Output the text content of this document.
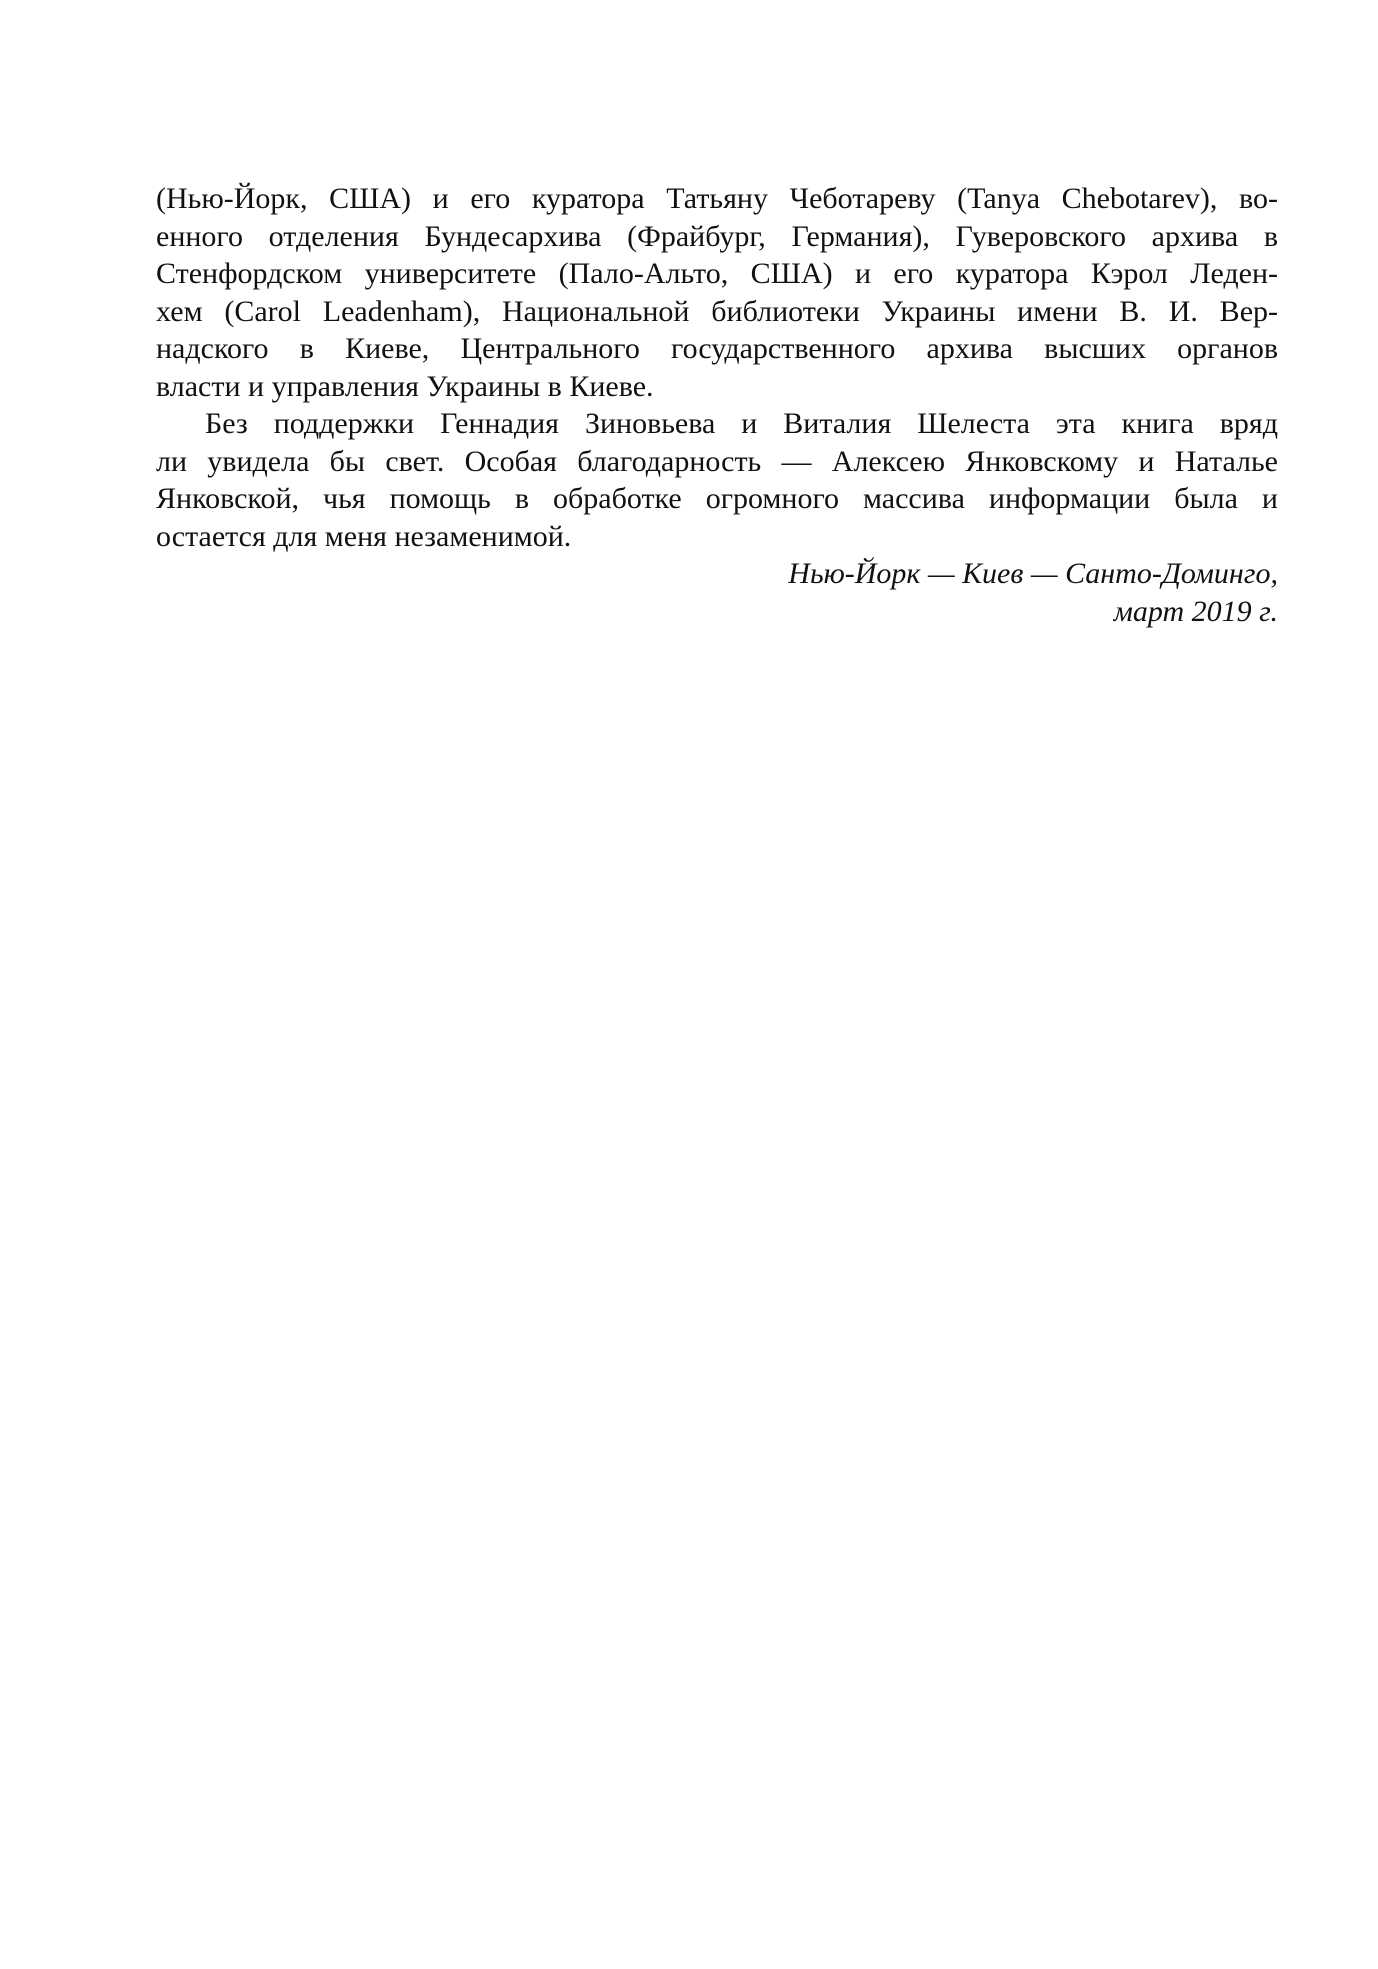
(Нью-Йорк, США) и его куратора Татьяну Чеботареву (Tanya Chebotarev), во-
енного отделения Бундесархива (Фрайбург, Германия), Гуверовского архива в
Стенфордском университете (Пало-Альто, США) и его куратора Кэрол Леден-
хем (Carol Leadenham), Национальной библиотеки Украины имени В. И. Вер-
надского в Киеве, Центрального государственного архива высших органов
власти и управления Украины в Киеве.
Без поддержки Геннадия Зиновьева и Виталия Шелеста эта книга вряд
ли увидела бы свет. Особая благодарность — Алексею Янковскому и Наталье
Янковской, чья помощь в обработке огромного массива информации была и
остается для меня незаменимой.
Нью-Йорк — Киев — Санто-Доминго,
март 2019 г.
